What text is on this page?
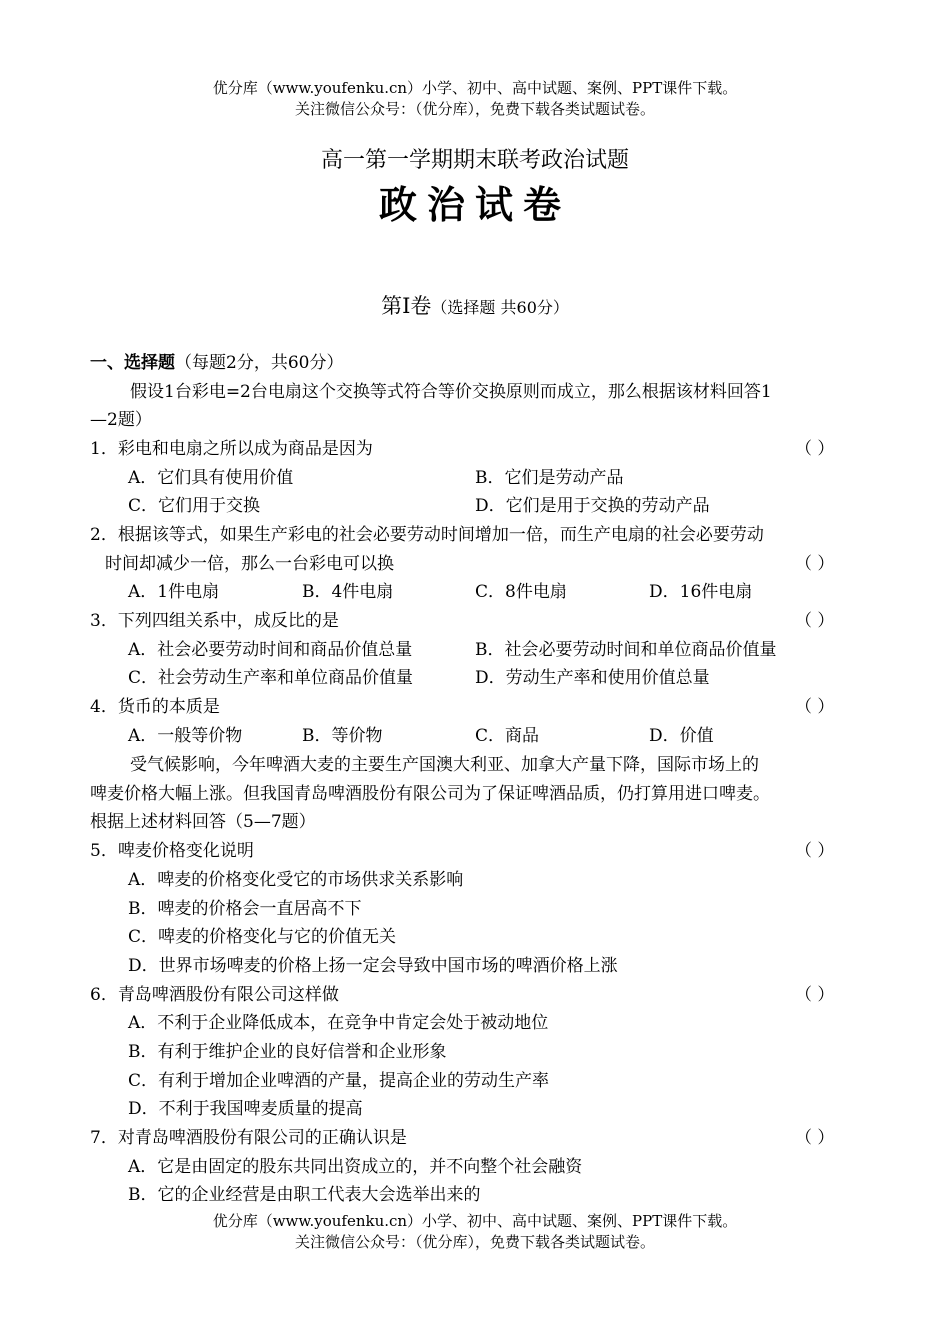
优分库（www.youfenku.cn）小学、初中、高中试题、案例、PPT课件下载。
关注微信公众号：（优分库），免费下载各类试题试卷。
高一第一学期期末联考政治试题
政治试卷
第Ⅰ卷（选择题 共60分）
一、选择题（每题2分，共60分）
假设1台彩电=2台电扇这个交换等式符合等价交换原则而成立，那么根据该材料回答1
—2题）
1．彩电和电扇之所以成为商品是因为	（ ）
A．它们具有使用价值	B．它们是劳动产品
C．它们用于交换	D．它们是用于交换的劳动产品
2．根据该等式，如果生产彩电的社会必要劳动时间增加一倍，而生产电扇的社会必要劳动
时间却减少一倍，那么一台彩电可以换	（ ）
A．1件电扇	B．4件电扇	C．8件电扇	D．16件电扇
3．下列四组关系中，成反比的是	（ ）
A．社会必要劳动时间和商品价值总量	B．社会必要劳动时间和单位商品价值量
C．社会劳动生产率和单位商品价值量	D．劳动生产率和使用价值总量
4．货币的本质是	（ ）
A．一般等价物	B．等价物	C．商品	D．价值
受气候影响，今年啤酒大麦的主要生产国澳大利亚、加拿大产量下降，国际市场上的
啤麦价格大幅上涨。但我国青岛啤酒股份有限公司为了保证啤酒品质，仍打算用进口啤麦。
根据上述材料回答（5—7题）
5．啤麦价格变化说明	（ ）
A．啤麦的价格变化受它的市场供求关系影响
B．啤麦的价格会一直居高不下
C．啤麦的价格变化与它的价值无关
D．世界市场啤麦的价格上扬一定会导致中国市场的啤酒价格上涨
6．青岛啤酒股份有限公司这样做	（ ）
A．不利于企业降低成本，在竞争中肯定会处于被动地位
B．有利于维护企业的良好信誉和企业形象
C．有利于增加企业啤酒的产量，提高企业的劳动生产率
D．不利于我国啤麦质量的提高
7．对青岛啤酒股份有限公司的正确认识是	（ ）
A．它是由固定的股东共同出资成立的，并不向整个社会融资
B．它的企业经营是由职工代表大会选举出来的
优分库（www.youfenku.cn）小学、初中、高中试题、案例、PPT课件下载。
关注微信公众号：（优分库），免费下载各类试题试卷。
